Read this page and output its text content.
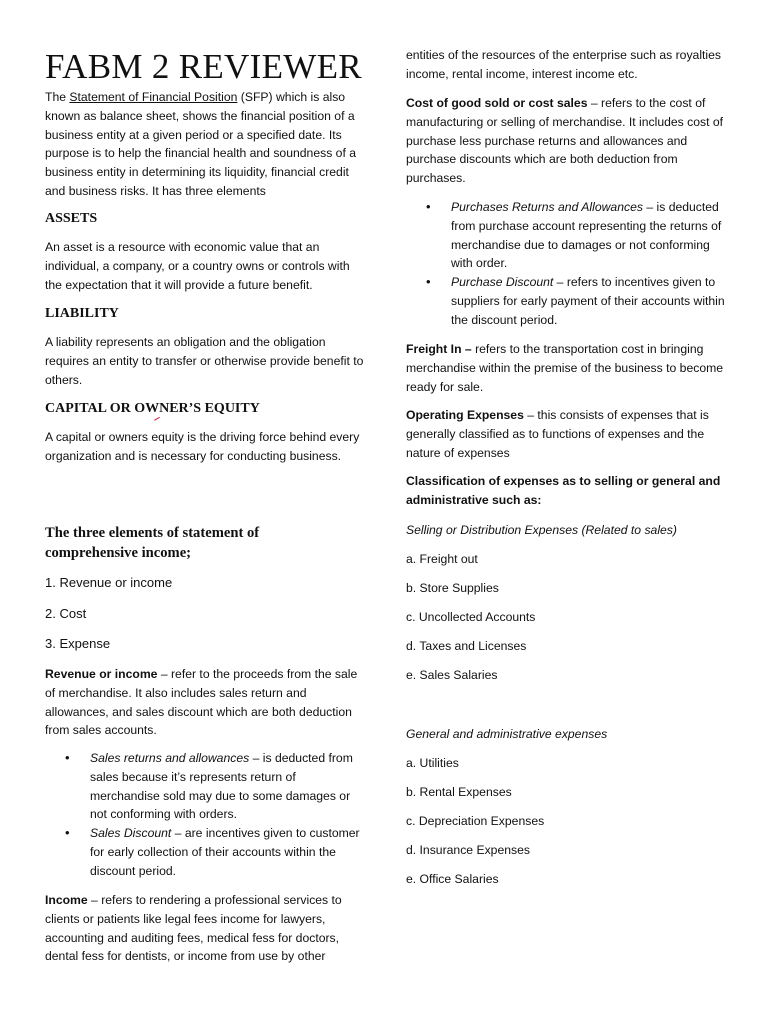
FABM 2 REVIEWER

The Statement of Financial Position (SFP) which is also known as balance sheet, shows the financial position of a business entity at a given period or a specified date. Its purpose is to help the financial health and soundness of a business entity in determining its liquidity, financial credit and business risks. It has three elements

ASSETS

An asset is a resource with economic value that an individual, a company, or a country owns or controls with the expectation that it will provide a future benefit.

LIABILITY

A liability represents an obligation and the obligation requires an entity to transfer or otherwise provide benefit to others.

CAPITAL OR OWNER’S EQUITY

A capital or owners equity is the driving force behind every organization and is necessary for conducting business.

The three elements of statement of comprehensive income;
1. Revenue or income
2. Cost
3. Expense

Revenue or income – refer to the proceeds from the sale of merchandise. It also includes sales return and allowances, and sales discount which are both deduction from sales accounts.

• Sales returns and allowances – is deducted from sales because it’s represents return of merchandise sold may due to some damages or not conforming with orders.
• Sales Discount – are incentives given to customer for early collection of their accounts within the discount period.

Income – refers to rendering a professional services to clients or patients like legal fees income for lawyers, accounting and auditing fees, medical fess for doctors, dental fess for dentists, or income from use by other

entities of the resources of the enterprise such as royalties income, rental income, interest income etc.

Cost of good sold or cost sales – refers to the cost of manufacturing or selling of merchandise. It includes cost of purchase less purchase returns and allowances and purchase discounts which are both deduction from purchases.

• Purchases Returns and Allowances – is deducted from purchase account representing the returns of merchandise due to damages or not conforming with order.
• Purchase Discount – refers to incentives given to suppliers for early payment of their accounts within the discount period.

Freight In – refers to the transportation cost in bringing merchandise within the premise of the business to become ready for sale.

Operating Expenses – this consists of expenses that is generally classified as to functions of expenses and the nature of expenses

Classification of expenses as to selling or general and administrative such as:

Selling or Distribution Expenses (Related to sales)

a. Freight out

b. Store Supplies

c. Uncollected Accounts

d. Taxes and Licenses

e. Sales Salaries

General and administrative expenses

a. Utilities

b. Rental Expenses

c. Depreciation Expenses

d. Insurance Expenses

e. Office Salaries
